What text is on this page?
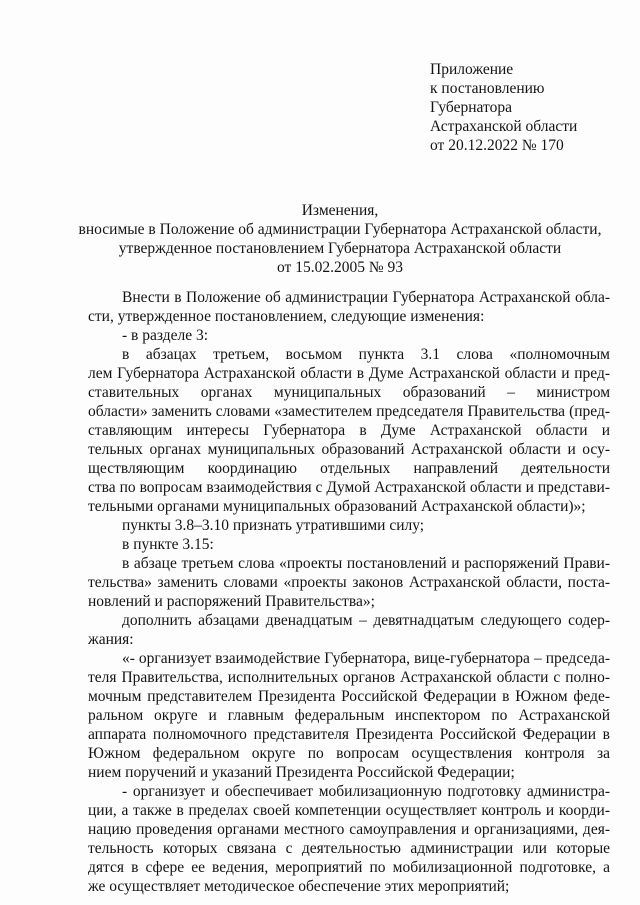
Приложение
к постановлению
Губернатора
Астраханской области
от 20.12.2022 № 170
Изменения,
вносимые в Положение об администрации Губернатора Астраханской области,
утвержденное постановлением Губернатора Астраханской области
от 15.02.2005 № 93
Внести в Положение об администрации Губернатора Астраханской обла-
сти, утвержденное постановлением, следующие изменения:
- в разделе 3:
в абзацах третьем, восьмом пункта 3.1 слова «полномочным
лем Губернатора Астраханской области в Думе Астраханской области и пред-
ставительных органах муниципальных образований – министром
области» заменить словами «заместителем председателя Правительства (пред-
ставляющим интересы Губернатора в Думе Астраханской области и
тельных органах муниципальных образований Астраханской области и осу-
ществляющим координацию отдельных направлений деятельности
ства по вопросам взаимодействия с Думой Астраханской области и представи-
тельными органами муниципальных образований Астраханской области)»;
пункты 3.8–3.10 признать утратившими силу;
в пункте 3.15:
в абзаце третьем слова «проекты постановлений и распоряжений Прави-
тельства» заменить словами «проекты законов Астраханской области, поста-
новлений и распоряжений Правительства»;
дополнить абзацами двенадцатым – девятнадцатым следующего содер-
жания:
«- организует взаимодействие Губернатора, вице-губернатора – председа-
теля Правительства, исполнительных органов Астраханской области с полно-
мочным представителем Президента Российской Федерации в Южном феде-
ральном округе и главным федеральным инспектором по Астраханской
аппарата полномочного представителя Президента Российской Федерации в
Южном федеральном округе по вопросам осуществления контроля за
нием поручений и указаний Президента Российской Федерации;
- организует и обеспечивает мобилизационную подготовку администра-
ции, а также в пределах своей компетенции осуществляет контроль и коорди-
нацию проведения органами местного самоуправления и организациями, дея-
тельность которых связана с деятельностью администрации или которые
дятся в сфере ее ведения, мероприятий по мобилизационной подготовке, а
же осуществляет методическое обеспечение этих мероприятий;
